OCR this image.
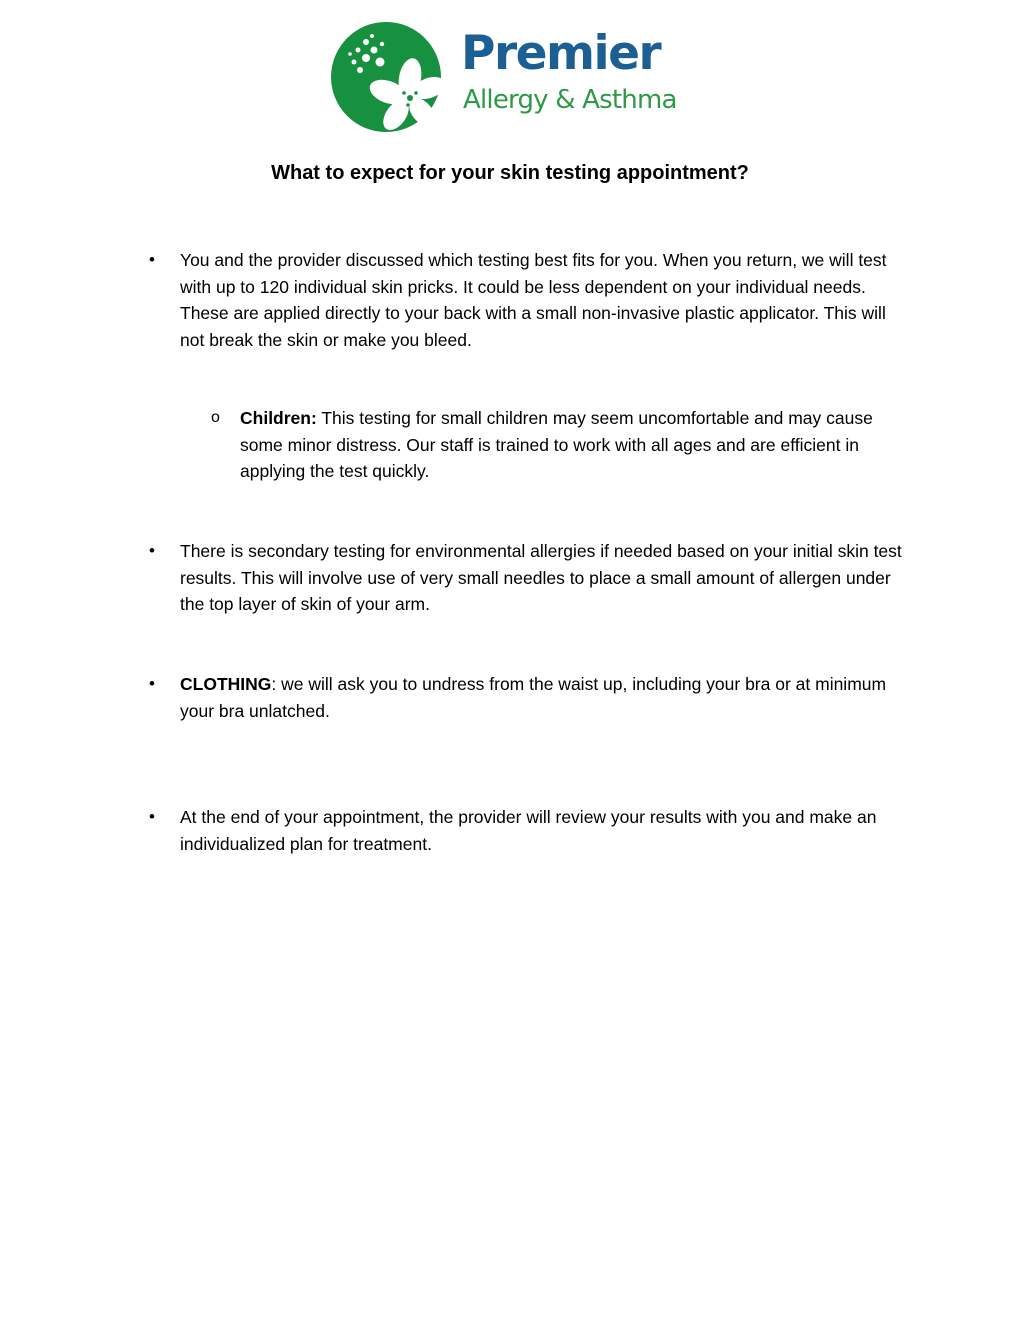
Premier
Allergy & Asthma
What to expect for your skin testing appointment?
• You and the provider discussed which testing best fits for you. When you return, we will test with up to 120 individual skin pricks. It could be less dependent on your individual needs. These are applied directly to your back with a small non-invasive plastic applicator. This will not break the skin or make you bleed.
o Children: This testing for small children may seem uncomfortable and may cause some minor distress. Our staff is trained to work with all ages and are efficient in applying the test quickly.
• There is secondary testing for environmental allergies if needed based on your initial skin test results. This will involve use of very small needles to place a small amount of allergen under the top layer of skin of your arm.
• CLOTHING: we will ask you to undress from the waist up, including your bra or at minimum your bra unlatched.
• At the end of your appointment, the provider will review your results with you and make an individualized plan for treatment.
